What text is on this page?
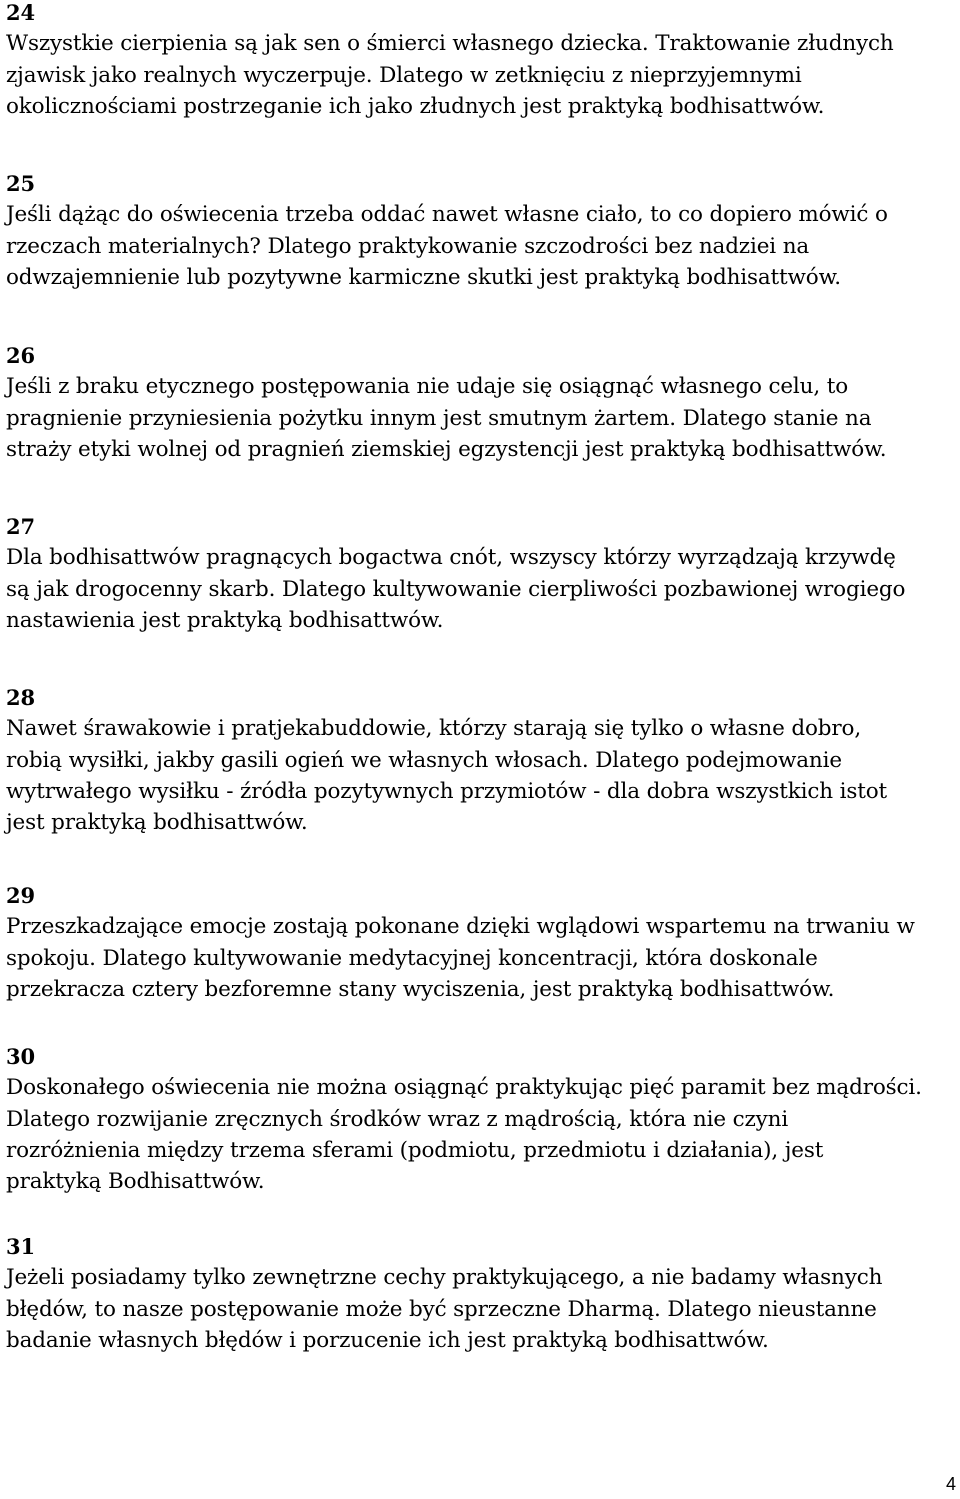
24
Wszystkie cierpienia są jak sen o śmierci własnego dziecka. Traktowanie złudnych
zjawisk jako realnych wyczerpuje. Dlatego w zetknięciu z nieprzyjemnymi
okolicznościami postrzeganie ich jako złudnych jest praktyką bodhisattwów.
25
Jeśli dążąc do oświecenia trzeba oddać nawet własne ciało, to co dopiero mówić o
rzeczach materialnych? Dlatego praktykowanie szczodrości bez nadziei na
odwzajemnienie lub pozytywne karmiczne skutki jest praktyką bodhisattwów.
26
Jeśli z braku etycznego postępowania nie udaje się osiągnąć własnego celu, to
pragnienie przyniesienia pożytku innym jest smutnym żartem. Dlatego stanie na
straży etyki wolnej od pragnień ziemskiej egzystencji jest praktyką bodhisattwów.
27
Dla bodhisattwów pragnących bogactwa cnót, wszyscy którzy wyrządzają krzywdę
są jak drogocenny skarb. Dlatego kultywowanie cierpliwości pozbawionej wrogiego
nastawienia jest praktyką bodhisattwów.
28
Nawet śrawakowie i pratjekabuddowie, którzy starają się tylko o własne dobro,
robią wysiłki, jakby gasili ogień we własnych włosach. Dlatego podejmowanie
wytrwałego wysiłku - źródła pozytywnych przymiotów - dla dobra wszystkich istot
jest praktyką bodhisattwów.
29
Przeszkadzające emocje zostają pokonane dzięki wglądowi wspartemu na trwaniu w
spokoju. Dlatego kultywowanie medytacyjnej koncentracji, która doskonale
przekracza cztery bezforemne stany wyciszenia, jest praktyką bodhisattwów.
30
Doskonałego oświecenia nie można osiągnąć praktykując pięć paramit bez mądrości.
Dlatego rozwijanie zręcznych środków wraz z mądrością, która nie czyni
rozróżnienia między trzema sferami (podmiotu, przedmiotu i działania), jest
praktyką Bodhisattwów.
31
Jeżeli posiadamy tylko zewnętrzne cechy praktykującego, a nie badamy własnych
błędów, to nasze postępowanie może być sprzeczne Dharmą. Dlatego nieustanne
badanie własnych błędów i porzucenie ich jest praktyką bodhisattwów.
4
